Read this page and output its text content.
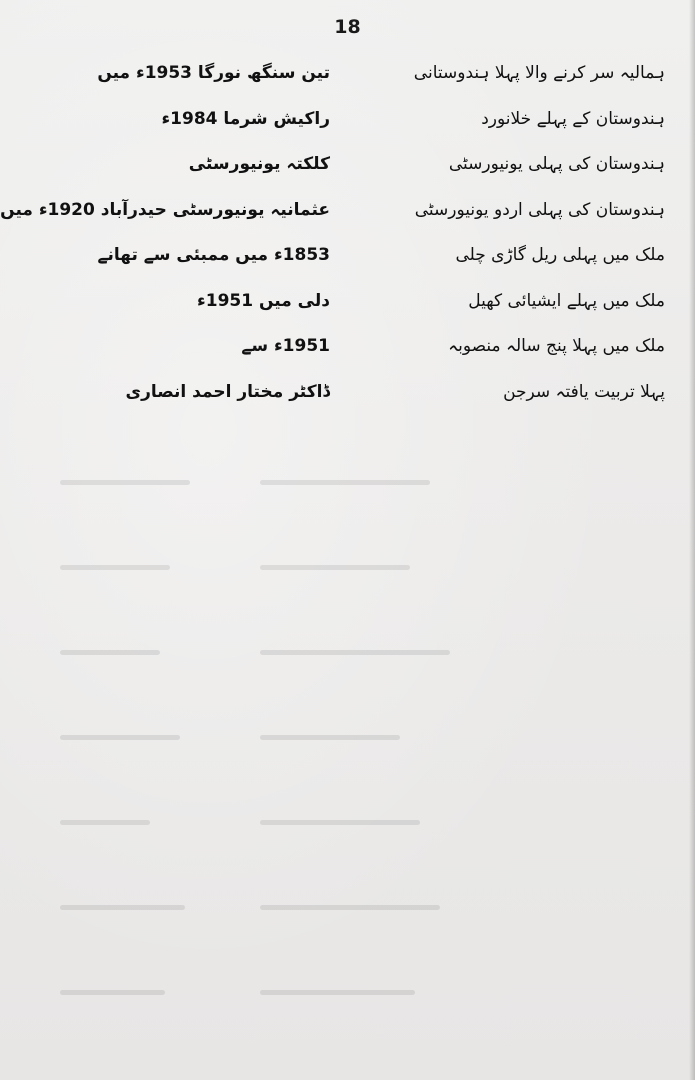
18
ہمالیہ سر کرنے والا پہلا ہندوستانی
تین سنگھ نورگا 1953ء میں
ہندوستان کے پہلے خلانورد
راکیش شرما 1984ء
ہندوستان کی پہلی یونیورسٹی
کلکتہ یونیورسٹی
ہندوستان کی پہلی اردو یونیورسٹی
عثمانیہ یونیورسٹی حیدرآباد 1920ء میں
ملک میں پہلی ریل گاڑی چلی
1853ء میں ممبئی سے تھانے
ملک میں پہلے ایشیائی کھیل
دلی میں 1951ء
ملک میں پہلا پنج سالہ منصوبہ
1951ء سے
پہلا تربیت یافتہ سرجن
ڈاکٹر مختار احمد انصاری
